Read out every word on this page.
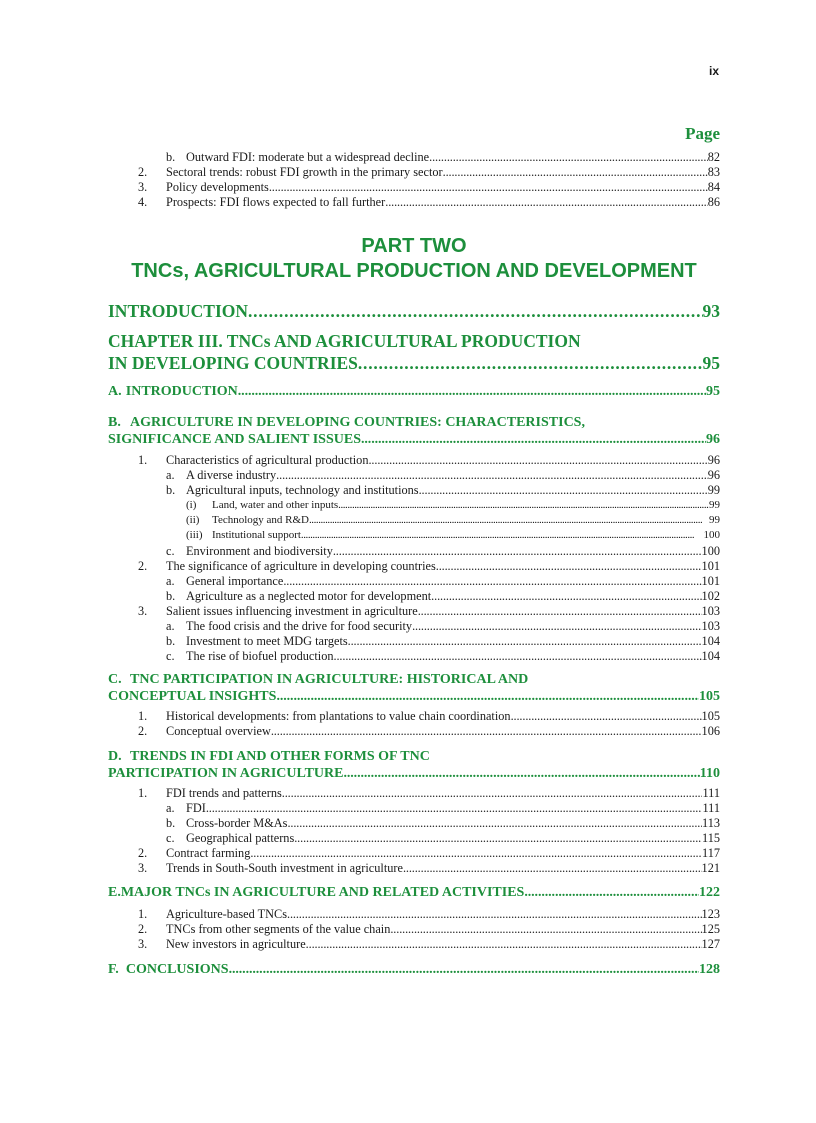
ix
Page
b. Outward FDI: moderate but a widespread decline . . .	82
2.	Sectoral trends: robust FDI growth in the primary sector . . .	83
3.	Policy developments . . .	84
4.	Prospects: FDI flows expected to fall further . . .	86
PART TWO
TNCs, AGRICULTURAL PRODUCTION AND DEVELOPMENT
INTRODUCTION . . .	93
CHAPTER III. TNCs AND AGRICULTURAL PRODUCTION
IN DEVELOPING COUNTRIES . . .	95
A. INTRODUCTION . . .	95
B. AGRICULTURE IN DEVELOPING COUNTRIES: CHARACTERISTICS,
SIGNIFICANCE AND SALIENT ISSUES . . .	96
1.	Characteristics of agricultural production . . .	96
a. A diverse industry . . .	96
b. Agricultural inputs, technology and institutions . . .	99
(i)	Land, water and other inputs . . .	99
(ii)	Technology and R&D . . .	99
(iii) Institutional support . . .	100
c. Environment and biodiversity . . .	100
2.	The significance of agriculture in developing countries . . .	101
a. General importance . . .	101
b. Agriculture as a neglected motor for development . . .	102
3.	Salient issues influencing investment in agriculture . . .	103
a. The food crisis and the drive for food security . . .	103
b. Investment to meet MDG targets . . .	104
c. The rise of biofuel production . . .	104
C. TNC PARTICIPATION IN AGRICULTURE: HISTORICAL AND
CONCEPTUAL INSIGHTS . . .	105
1.	Historical developments: from plantations to value chain coordination . . .	105
2.	Conceptual overview . . .	106
D. TRENDS IN FDI AND OTHER FORMS OF TNC
PARTICIPATION IN AGRICULTURE . . .	110
1.	FDI trends and patterns . . .	111
a. FDI . . .	111
b. Cross-border M&As . . .	113
c. Geographical patterns . . .	115
2.	Contract farming . . .	117
3.	Trends in South-South investment in agriculture . . .	121
E. MAJOR TNCs IN AGRICULTURE AND RELATED ACTIVITIES . . .	122
1.	Agriculture-based TNCs . . .	123
2.	TNCs from other segments of the value chain . . .	125
3.	New investors in agriculture . . .	127
F. CONCLUSIONS . . .	128
